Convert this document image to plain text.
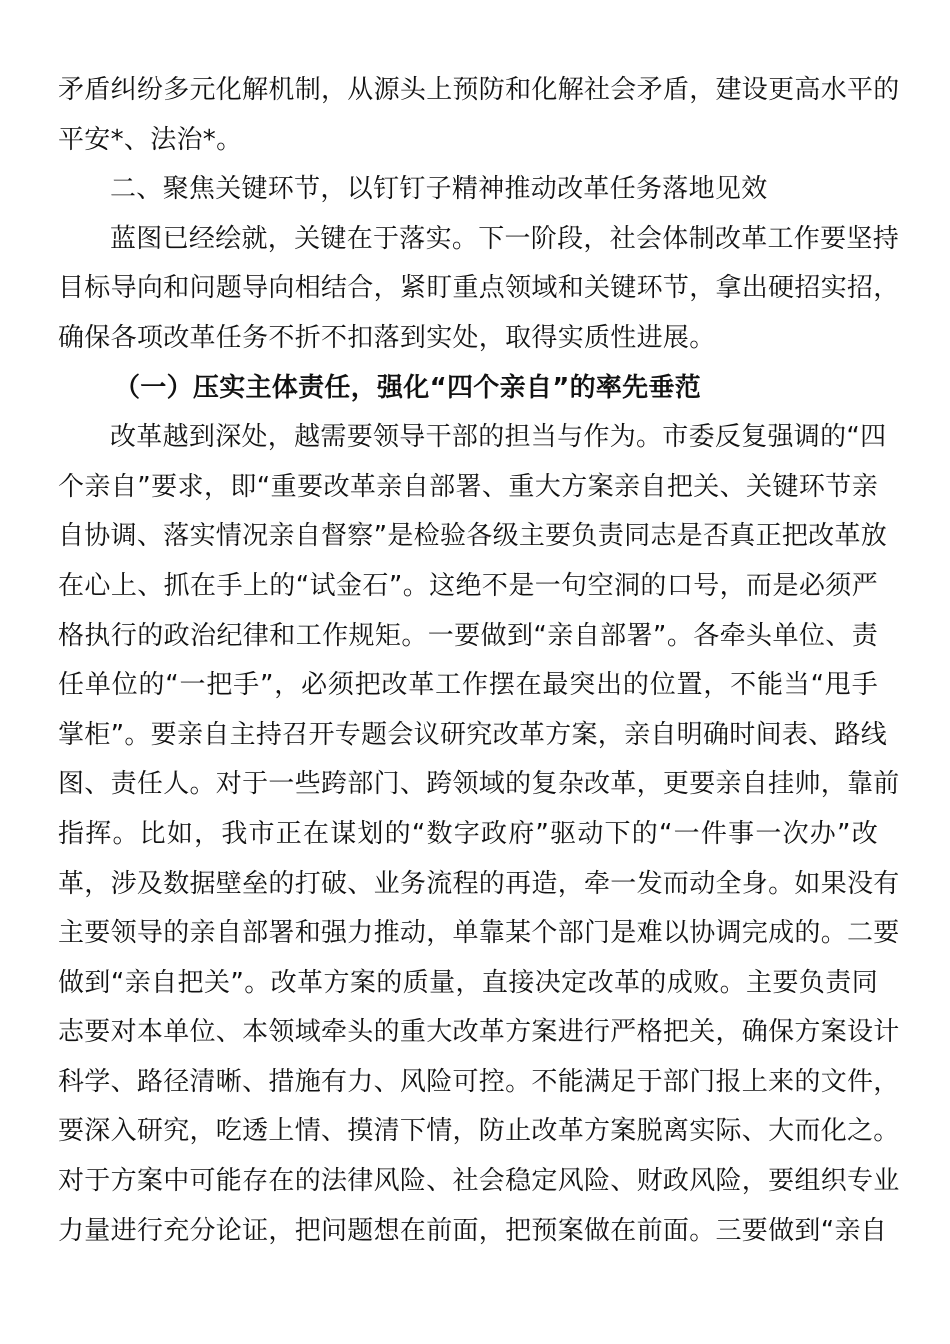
矛盾纠纷多元化解机制，从源头上预防和化解社会矛盾，建设更高水平的
平安*、法治*。
二、聚焦关键环节，以钉钉子精神推动改革任务落地见效
蓝图已经绘就，关键在于落实。下一阶段，社会体制改革工作要坚持
目标导向和问题导向相结合，紧盯重点领域和关键环节，拿出硬招实招，
确保各项改革任务不折不扣落到实处，取得实质性进展。
（一）压实主体责任，强化“四个亲自”的率先垂范
改革越到深处，越需要领导干部的担当与作为。市委反复强调的“四
个亲自”要求，即“重要改革亲自部署、重大方案亲自把关、关键环节亲
自协调、落实情况亲自督察”是检验各级主要负责同志是否真正把改革放
在心上、抓在手上的“试金石”。这绝不是一句空洞的口号，而是必须严
格执行的政治纪律和工作规矩。一要做到“亲自部署”。各牵头单位、责
任单位的“一把手”，必须把改革工作摆在最突出的位置，不能当“甩手
掌柜”。要亲自主持召开专题会议研究改革方案，亲自明确时间表、路线
图、责任人。对于一些跨部门、跨领域的复杂改革，更要亲自挂帅，靠前
指挥。比如，我市正在谋划的“数字政府”驱动下的“一件事一次办”改
革，涉及数据壁垒的打破、业务流程的再造，牵一发而动全身。如果没有
主要领导的亲自部署和强力推动，单靠某个部门是难以协调完成的。二要
做到“亲自把关”。改革方案的质量，直接决定改革的成败。主要负责同
志要对本单位、本领域牵头的重大改革方案进行严格把关，确保方案设计
科学、路径清晰、措施有力、风险可控。不能满足于部门报上来的文件，
要深入研究，吃透上情、摸清下情，防止改革方案脱离实际、大而化之。
对于方案中可能存在的法律风险、社会稳定风险、财政风险，要组织专业
力量进行充分论证，把问题想在前面，把预案做在前面。三要做到“亲自
